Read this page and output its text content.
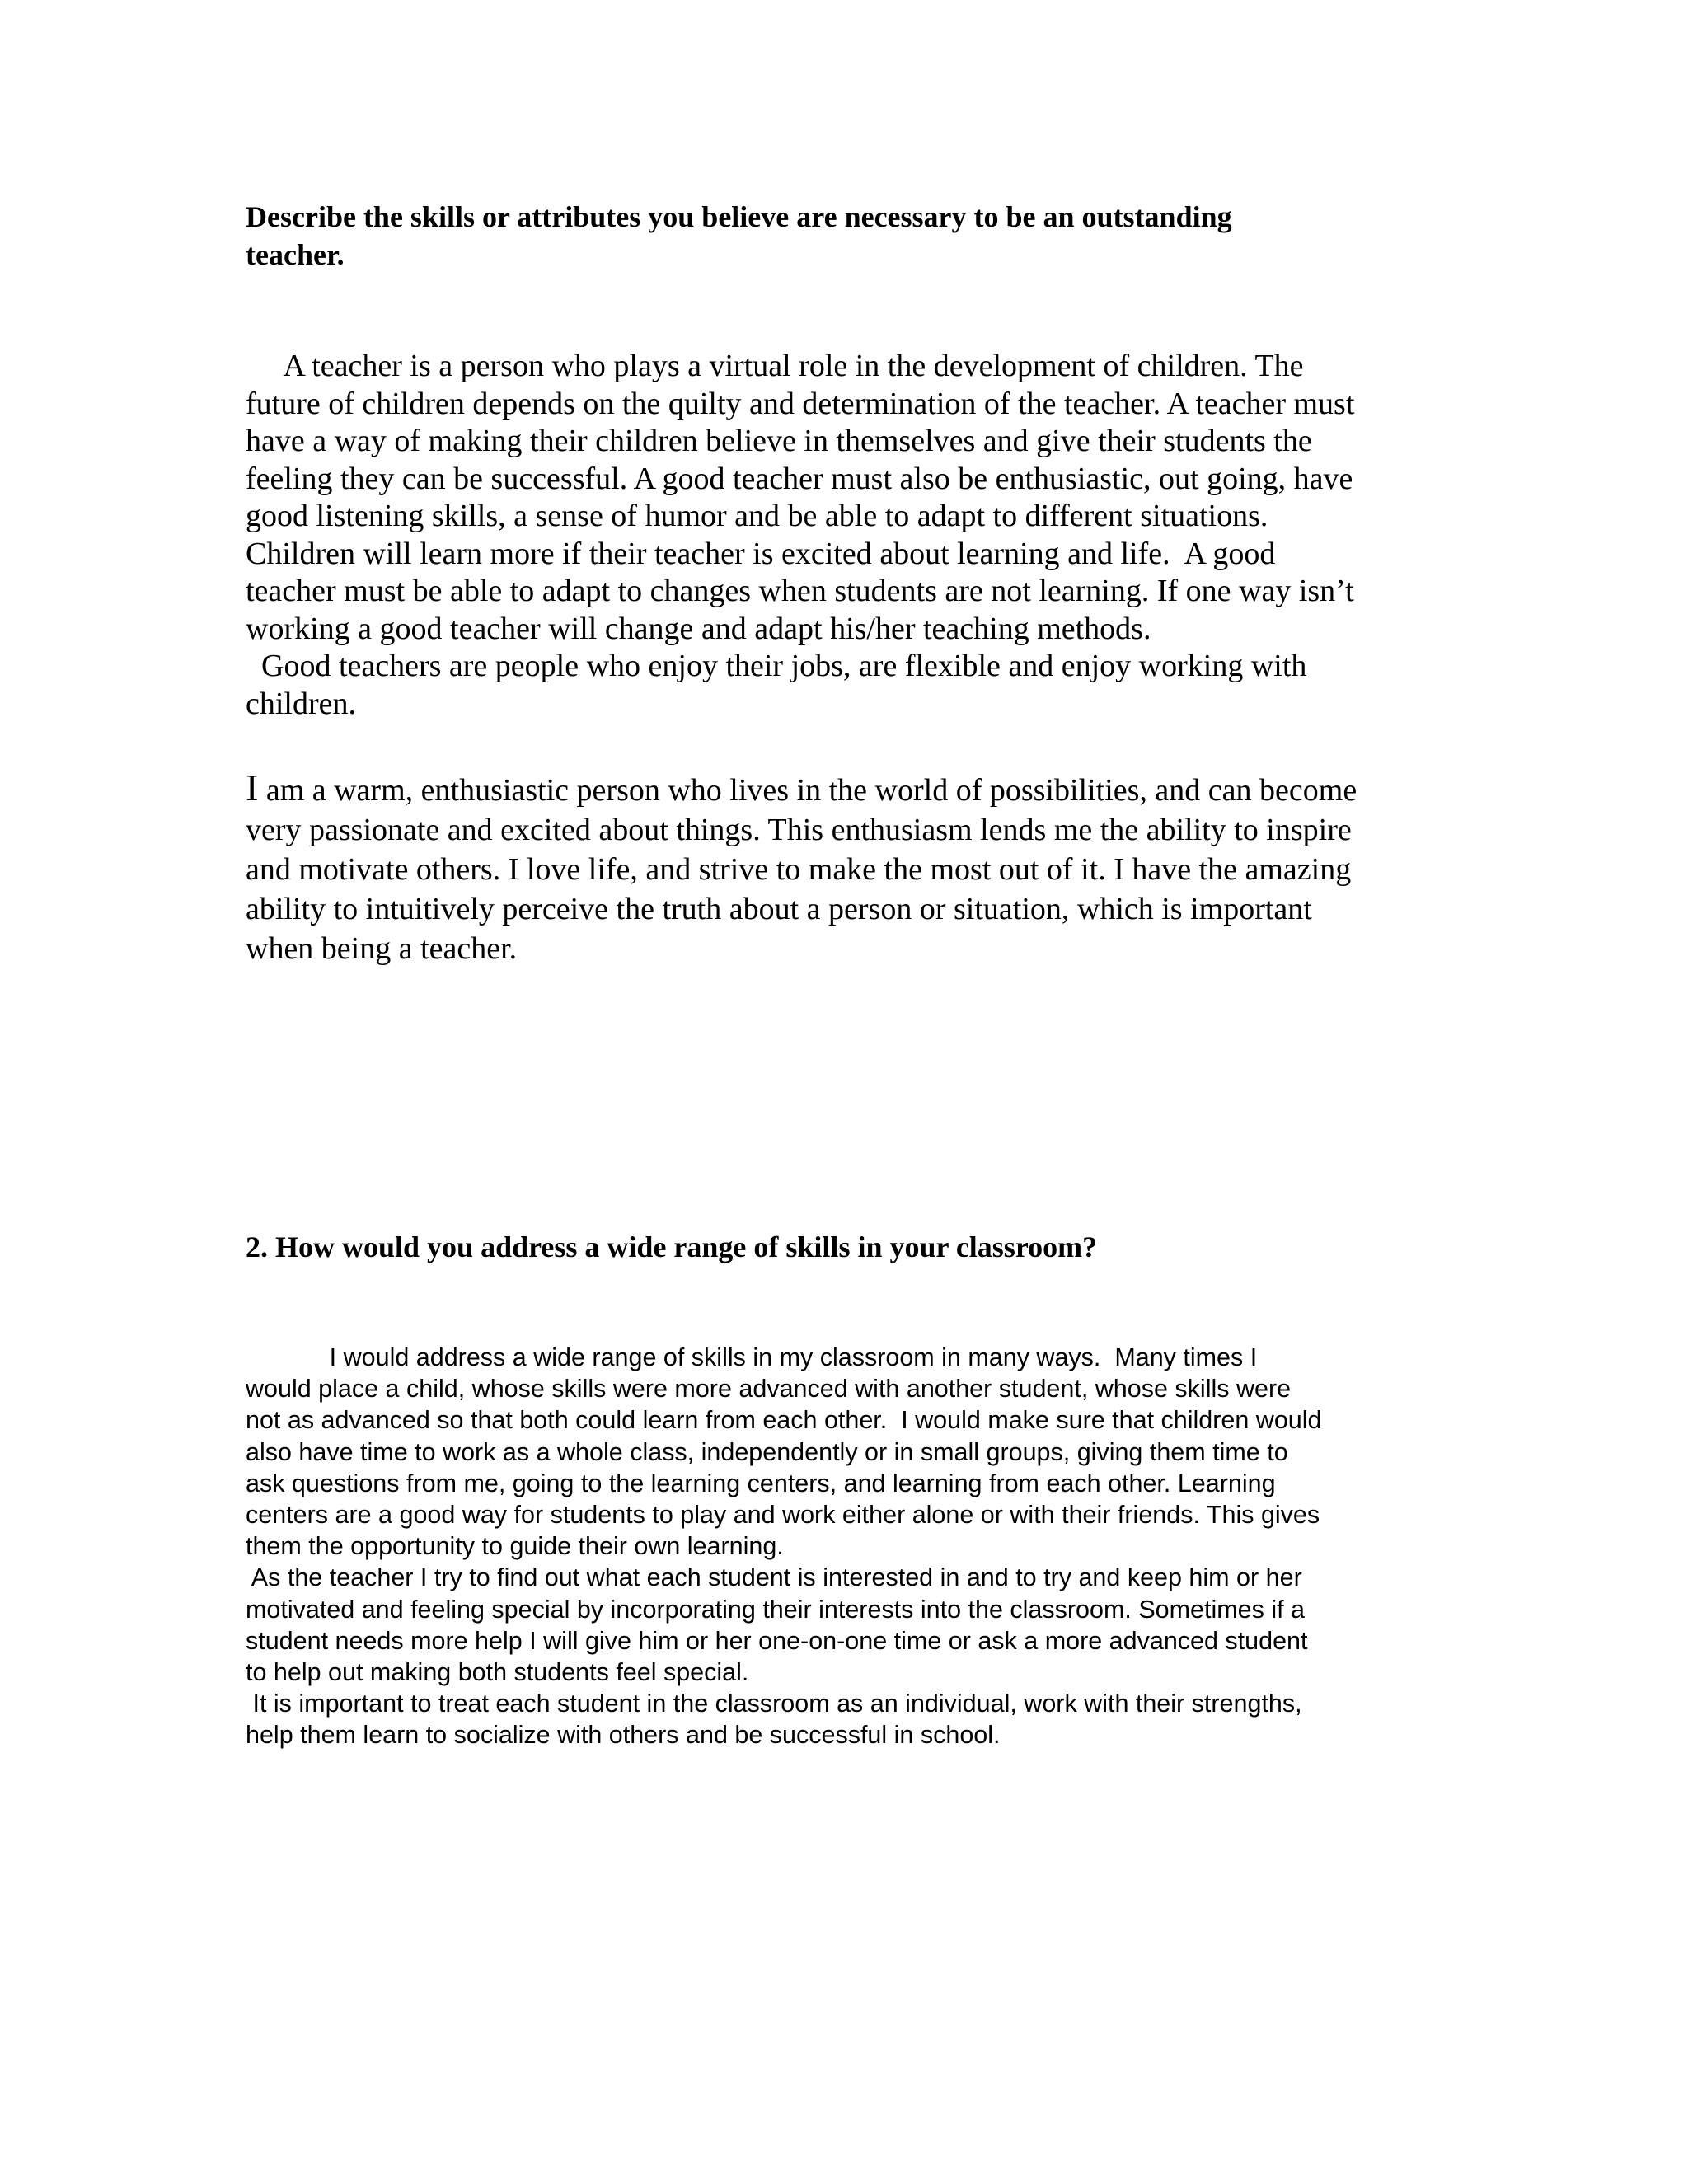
Describe the skills or attributes you believe are necessary to be an outstanding
teacher.

A teacher is a person who plays a virtual role in the development of children. The
future of children depends on the quilty and determination of the teacher. A teacher must
have a way of making their children believe in themselves and give their students the
feeling they can be successful. A good teacher must also be enthusiastic, out going, have
good listening skills, a sense of humor and be able to adapt to different situations.
Children will learn more if their teacher is excited about learning and life.  A good
teacher must be able to adapt to changes when students are not learning. If one way isn’t
working a good teacher will change and adapt his/her teaching methods.
Good teachers are people who enjoy their jobs, are flexible and enjoy working with
children.

I am a warm, enthusiastic person who lives in the world of possibilities, and can become
very passionate and excited about things. This enthusiasm lends me the ability to inspire
and motivate others. I love life, and strive to make the most out of it. I have the amazing
ability to intuitively perceive the truth about a person or situation, which is important
when being a teacher.

2. How would you address a wide range of skills in your classroom?

I would address a wide range of skills in my classroom in many ways.  Many times I
would place a child, whose skills were more advanced with another student, whose skills were
not as advanced so that both could learn from each other.  I would make sure that children would
also have time to work as a whole class, independently or in small groups, giving them time to
ask questions from me, going to the learning centers, and learning from each other. Learning
centers are a good way for students to play and work either alone or with their friends. This gives
them the opportunity to guide their own learning.
As the teacher I try to find out what each student is interested in and to try and keep him or her
motivated and feeling special by incorporating their interests into the classroom. Sometimes if a
student needs more help I will give him or her one-on-one time or ask a more advanced student
to help out making both students feel special.
It is important to treat each student in the classroom as an individual, work with their strengths,
help them learn to socialize with others and be successful in school.
